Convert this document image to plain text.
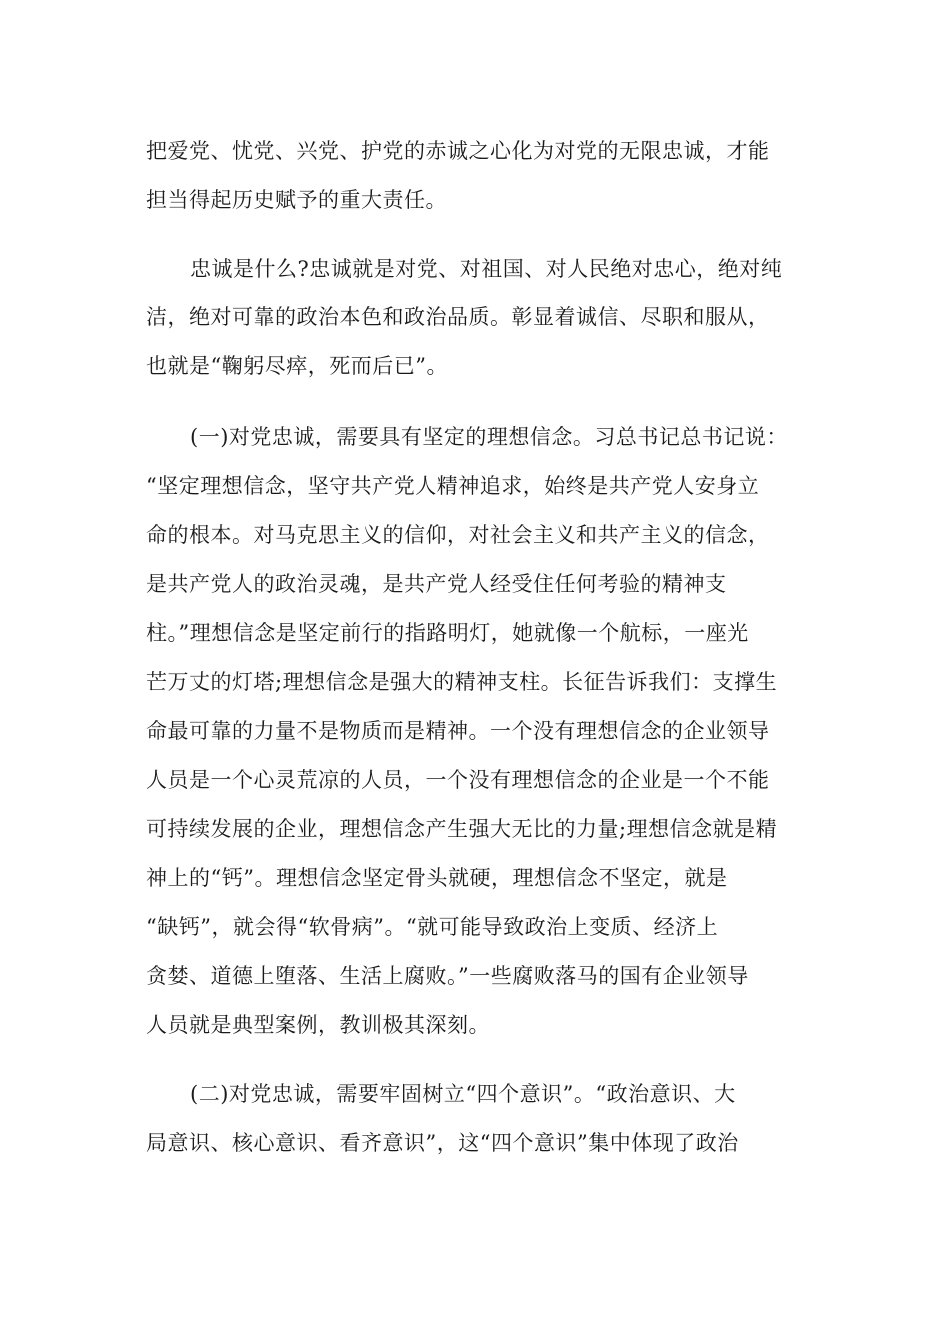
把爱党、忧党、兴党、护党的赤诚之心化为对党的无限忠诚，才能

担当得起历史赋予的重大责任。

忠诚是什么?忠诚就是对党、对祖国、对人民绝对忠心，绝对纯

洁，绝对可靠的政治本色和政治品质。彰显着诚信、尽职和服从，

也就是“鞠躬尽瘁，死而后已”。

(一)对党忠诚，需要具有坚定的理想信念。习总书记总书记说：

“坚定理想信念，坚守共产党人精神追求，始终是共产党人安身立

命的根本。对马克思主义的信仰，对社会主义和共产主义的信念，

是共产党人的政治灵魂，是共产党人经受住任何考验的精神支

柱。”理想信念是坚定前行的指路明灯，她就像一个航标，一座光

芒万丈的灯塔;理想信念是强大的精神支柱。长征告诉我们：支撑生

命最可靠的力量不是物质而是精神。一个没有理想信念的企业领导

人员是一个心灵荒凉的人员，一个没有理想信念的企业是一个不能

可持续发展的企业，理想信念产生强大无比的力量;理想信念就是精

神上的“钙”。理想信念坚定骨头就硬，理想信念不坚定，就是

“缺钙”，就会得“软骨病”。“就可能导致政治上变质、经济上

贪婪、道德上堕落、生活上腐败。”一些腐败落马的国有企业领导

人员就是典型案例，教训极其深刻。

(二)对党忠诚，需要牢固树立“四个意识”。“政治意识、大

局意识、核心意识、看齐意识”，这“四个意识”集中体现了政治
